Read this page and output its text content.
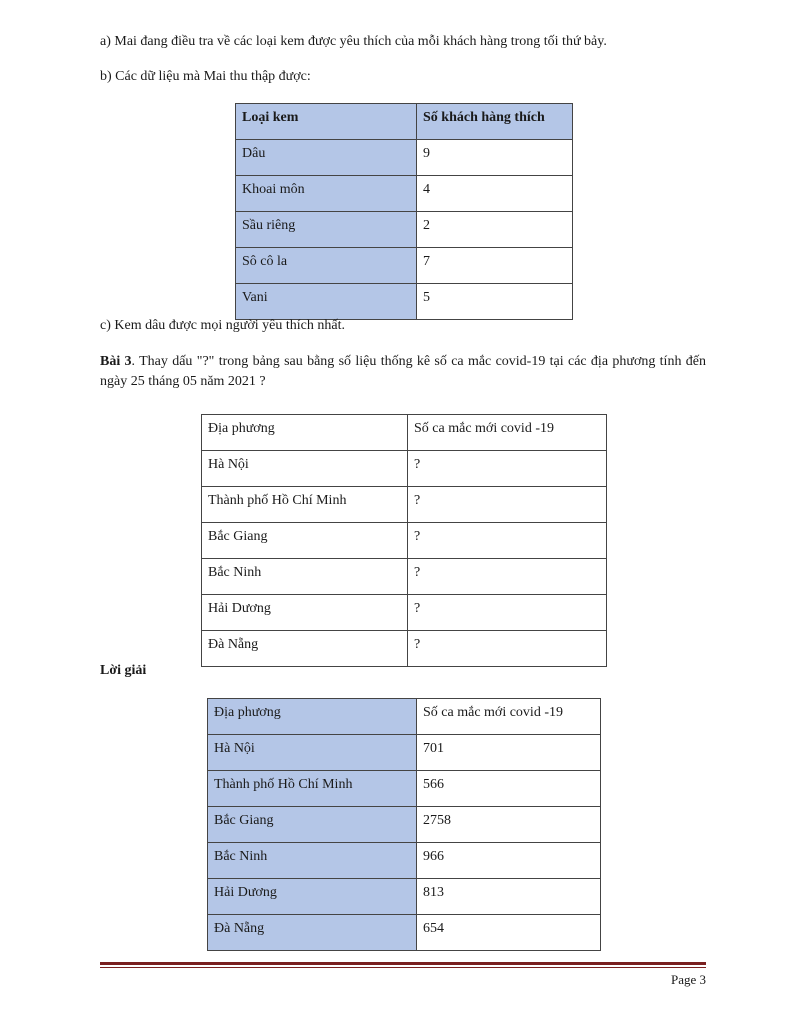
a) Mai đang điều tra về các loại kem được yêu thích của mỗi khách hàng trong tối thứ bảy.
b) Các dữ liệu mà Mai thu thập được:
Loại kem	Số khách hàng thích
Dâu	9
Khoai môn	4
Sầu riêng	2
Sô cô la	7
Vani	5
c) Kem dâu được mọi người yêu thích nhất.
Bài 3. Thay dấu "?" trong bảng sau bằng số liệu thống kê số ca mắc covid-19 tại các địa phương tính đến ngày 25 tháng 05 năm 2021 ?
Địa phương	Số ca mắc mới covid -19
Hà Nội	?
Thành phố Hồ Chí Minh	?
Bắc Giang	?
Bắc Ninh	?
Hải Dương	?
Đà Nẵng	?
Lời giải
Địa phương	Số ca mắc mới covid -19
Hà Nội	701
Thành phố Hồ Chí Minh	566
Bắc Giang	2758
Bắc Ninh	966
Hải Dương	813
Đà Nẵng	654
Page 3
